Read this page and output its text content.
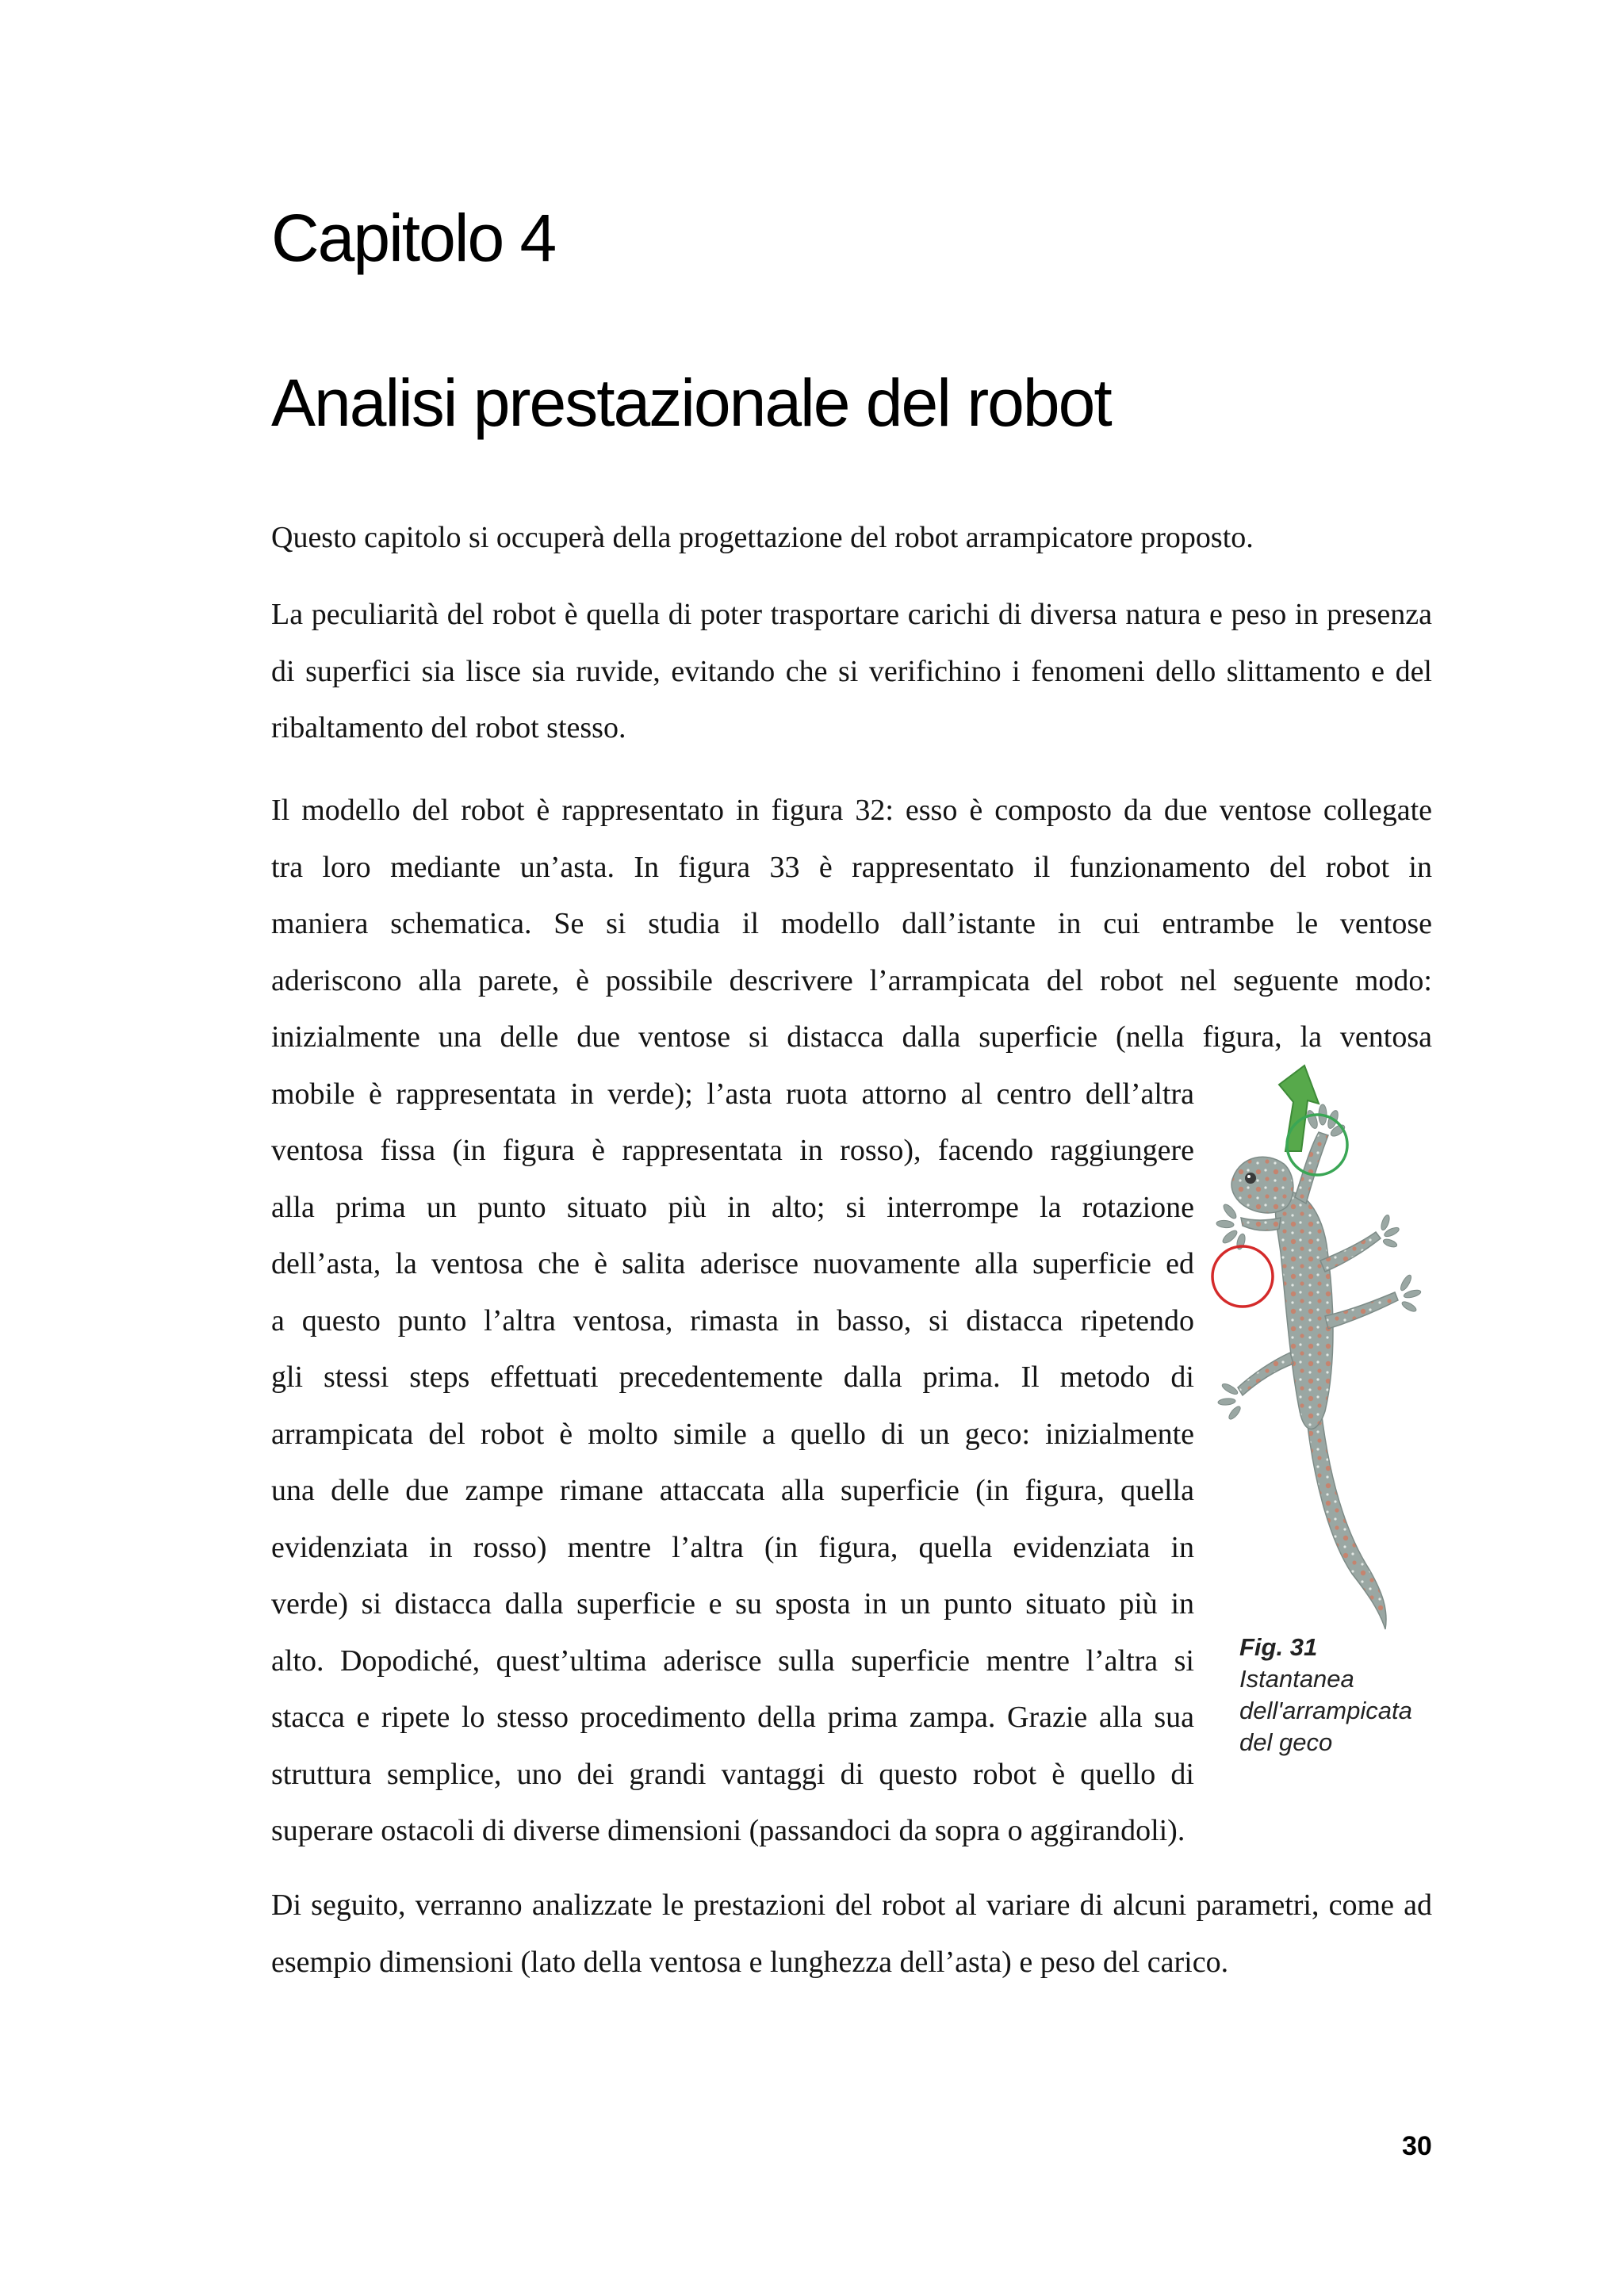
Capitolo 4
Analisi prestazionale del robot

Questo capitolo si occuperà della progettazione del robot arrampicatore proposto.

La peculiarità del robot è quella di poter trasportare carichi di diversa natura e peso in presenza di superfici sia lisce sia ruvide, evitando che si verifichino i fenomeni dello slittamento e del ribaltamento del robot stesso.

Il modello del robot è rappresentato in figura 32: esso è composto da due ventose collegate
tra loro mediante un’asta. In figura 33 è rappresentato il funzionamento del robot in
maniera schematica. Se si studia il modello dall’istante in cui entrambe le ventose
aderiscono alla parete, è possibile descrivere l’arrampicata del robot nel seguente modo:
inizialmente una delle due ventose si distacca dalla superficie (nella figura, la ventosa
mobile è rappresentata in verde); l’asta ruota attorno al centro dell’altra
ventosa fissa (in figura è rappresentata in rosso), facendo raggiungere
alla prima un punto situato più in alto; si interrompe la rotazione
dell’asta, la ventosa che è salita aderisce nuovamente alla superficie ed
a questo punto l’altra ventosa, rimasta in basso, si distacca ripetendo
gli stessi steps effettuati precedentemente dalla prima. Il metodo di
arrampicata del robot è molto simile a quello di un geco: inizialmente
una delle due zampe rimane attaccata alla superficie (in figura, quella
evidenziata in rosso) mentre l’altra (in figura, quella evidenziata in
verde) si distacca dalla superficie e su sposta in un punto situato più in
alto. Dopodiché, quest’ultima aderisce sulla superficie mentre l’altra si
stacca e ripete lo stesso procedimento della prima zampa. Grazie alla sua
struttura semplice, uno dei grandi vantaggi di questo robot è quello di
superare ostacoli di diverse dimensioni (passandoci da sopra o aggirandoli).
Fig. 31
Istantanea
dell'arrampicata
del geco

Di seguito, verranno analizzate le prestazioni del robot al variare di alcuni parametri, come ad esempio dimensioni (lato della ventosa e lunghezza dell’asta) e peso del carico.

30
